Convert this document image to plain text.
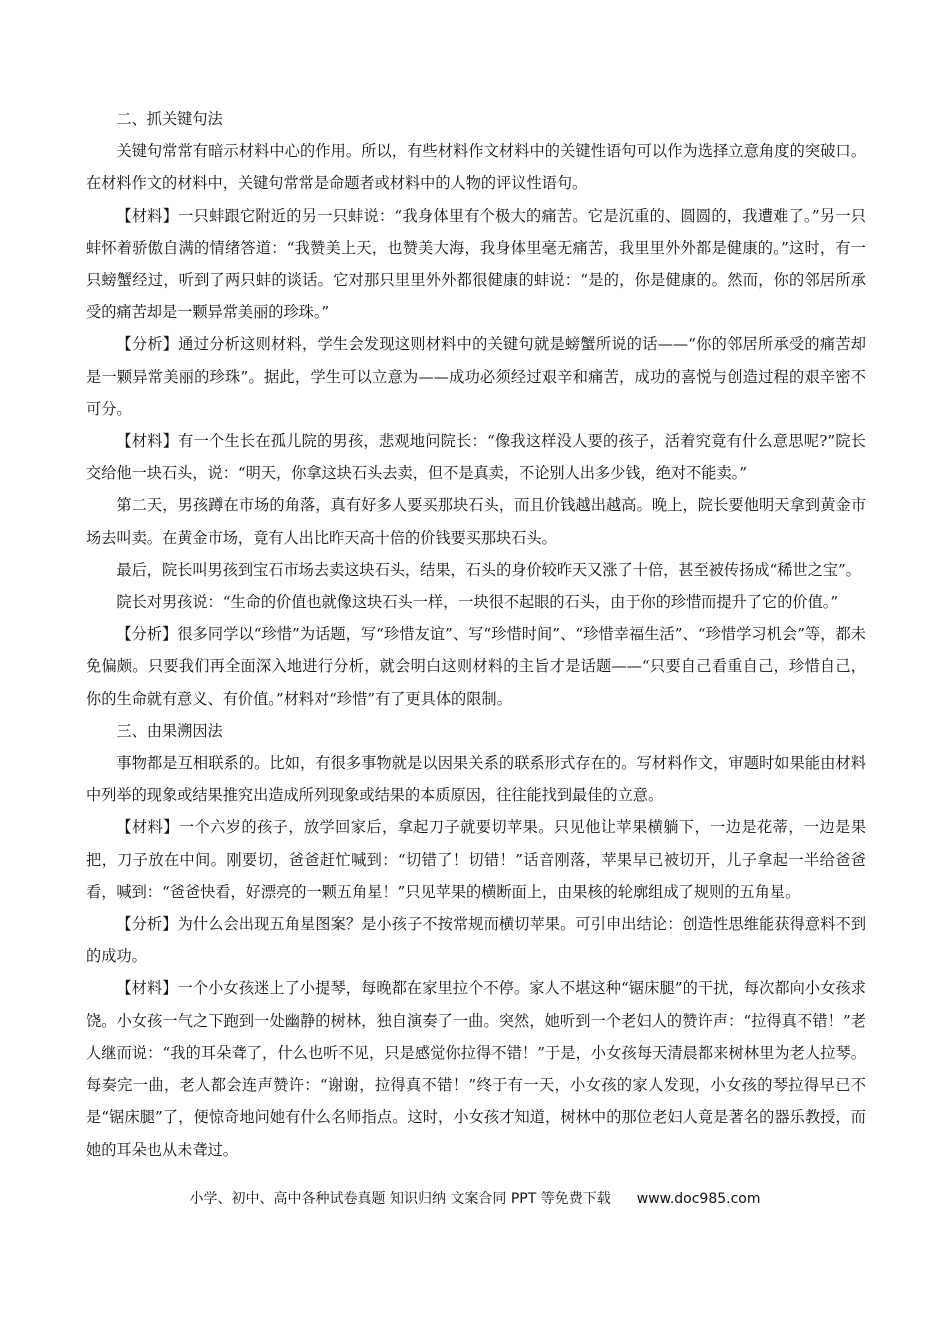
二、抓关键句法

关键句常常有暗示材料中心的作用。所以，有些材料作文材料中的关键性语句可以作为选择立意角度的突破口。在材料作文的材料中，关键句常常是命题者或材料中的人物的评议性语句。

【材料】一只蚌跟它附近的另一只蚌说：“我身体里有个极大的痛苦。它是沉重的、圆圆的，我遭难了。”另一只蚌怀着骄傲自满的情绪答道：“我赞美上天，也赞美大海，我身体里毫无痛苦，我里里外外都是健康的。”这时，有一只螃蟹经过，听到了两只蚌的谈话。它对那只里里外外都很健康的蚌说：“是的，你是健康的。然而，你的邻居所承受的痛苦却是一颗异常美丽的珍珠。”

【分析】通过分析这则材料，学生会发现这则材料中的关键句就是螃蟹所说的话——“你的邻居所承受的痛苦却是一颗异常美丽的珍珠”。据此，学生可以立意为——成功必须经过艰辛和痛苦，成功的喜悦与创造过程的艰辛密不可分。

【材料】有一个生长在孤儿院的男孩，悲观地问院长：“像我这样没人要的孩子，活着究竟有什么意思呢?”院长交给他一块石头，说：“明天，你拿这块石头去卖，但不是真卖，不论别人出多少钱，绝对不能卖。”

第二天，男孩蹲在市场的角落，真有好多人要买那块石头，而且价钱越出越高。晚上，院长要他明天拿到黄金市场去叫卖。在黄金市场，竟有人出比昨天高十倍的价钱要买那块石头。

最后，院长叫男孩到宝石市场去卖这块石头，结果，石头的身价较昨天又涨了十倍，甚至被传扬成“稀世之宝”。

院长对男孩说：“生命的价值也就像这块石头一样，一块很不起眼的石头，由于你的珍惜而提升了它的价值。”

【分析】很多同学以“珍惜”为话题，写“珍惜友谊”、写“珍惜时间”、“珍惜幸福生活”、“珍惜学习机会”等，都未免偏颇。只要我们再全面深入地进行分析，就会明白这则材料的主旨才是话题——“只要自己看重自己，珍惜自己，你的生命就有意义、有价值。”材料对“珍惜”有了更具体的限制。

三、由果溯因法

事物都是互相联系的。比如，有很多事物就是以因果关系的联系形式存在的。写材料作文，审题时如果能由材料中列举的现象或结果推究出造成所列现象或结果的本质原因，往往能找到最佳的立意。

【材料】一个六岁的孩子，放学回家后，拿起刀子就要切苹果。只见他让苹果横躺下，一边是花蒂，一边是果把，刀子放在中间。刚要切，爸爸赶忙喊到：“切错了！切错！”话音刚落，苹果早已被切开，儿子拿起一半给爸爸看，喊到：“爸爸快看，好漂亮的一颗五角星！”只见苹果的横断面上，由果核的轮廓组成了规则的五角星。

【分析】为什么会出现五角星图案？是小孩子不按常规而横切苹果。可引申出结论：创造性思维能获得意料不到的成功。

【材料】一个小女孩迷上了小提琴，每晚都在家里拉个不停。家人不堪这种“锯床腿”的干扰，每次都向小女孩求饶。小女孩一气之下跑到一处幽静的树林，独自演奏了一曲。突然，她听到一个老妇人的赞许声：“拉得真不错！”老人继而说：“我的耳朵聋了，什么也听不见，只是感觉你拉得不错！”于是，小女孩每天清晨都来树林里为老人拉琴。每奏完一曲，老人都会连声赞许：“谢谢，拉得真不错！”终于有一天，小女孩的家人发现，小女孩的琴拉得早已不是“锯床腿”了，便惊奇地问她有什么名师指点。这时，小女孩才知道，树林中的那位老妇人竟是著名的器乐教授，而她的耳朵也从未聋过。

小学、初中、高中各种试卷真题 知识归纳 文案合同 PPT 等免费下载 www.doc985.com
